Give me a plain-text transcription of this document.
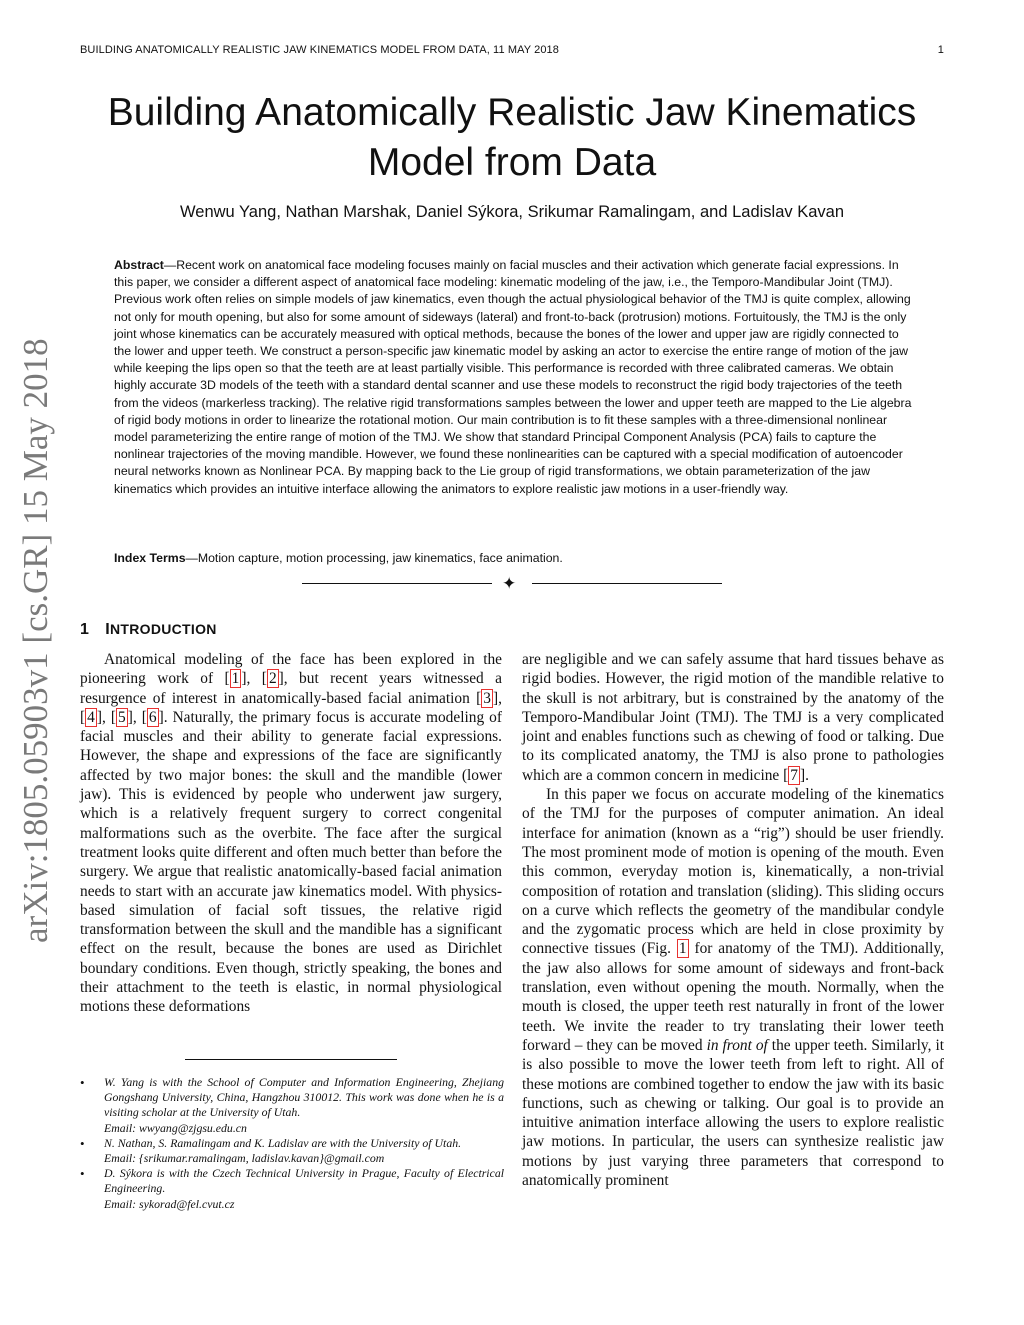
BUILDING ANATOMICALLY REALISTIC JAW KINEMATICS MODEL FROM DATA, 11 MAY 2018	1
arXiv:1805.05903v1 [cs.GR] 15 May 2018
Building Anatomically Realistic Jaw Kinematics
Model from Data
Wenwu Yang, Nathan Marshak, Daniel Sýkora, Srikumar Ramalingam, and Ladislav Kavan
Abstract—Recent work on anatomical face modeling focuses mainly on facial muscles and their activation which generate facial expressions. In this paper, we consider a different aspect of anatomical face modeling: kinematic modeling of the jaw, i.e., the Temporo-Mandibular Joint (TMJ). Previous work often relies on simple models of jaw kinematics, even though the actual physiological behavior of the TMJ is quite complex, allowing not only for mouth opening, but also for some amount of sideways (lateral) and front-to-back (protrusion) motions. Fortuitously, the TMJ is the only joint whose kinematics can be accurately measured with optical methods, because the bones of the lower and upper jaw are rigidly connected to the lower and upper teeth. We construct a person-specific jaw kinematic model by asking an actor to exercise the entire range of motion of the jaw while keeping the lips open so that the teeth are at least partially visible. This performance is recorded with three calibrated cameras. We obtain highly accurate 3D models of the teeth with a standard dental scanner and use these models to reconstruct the rigid body trajectories of the teeth from the videos (markerless tracking). The relative rigid transformations samples between the lower and upper teeth are mapped to the Lie algebra of rigid body motions in order to linearize the rotational motion. Our main contribution is to fit these samples with a three-dimensional nonlinear model parameterizing the entire range of motion of the TMJ. We show that standard Principal Component Analysis (PCA) fails to capture the nonlinear trajectories of the moving mandible. However, we found these nonlinearities can be captured with a special modification of autoencoder neural networks known as Nonlinear PCA. By mapping back to the Lie group of rigid transformations, we obtain parameterization of the jaw kinematics which provides an intuitive interface allowing the animators to explore realistic jaw motions in a user-friendly way.
Index Terms—Motion capture, motion processing, jaw kinematics, face animation.
✦
1 INTRODUCTION

Anatomical modeling of the face has been explored in the pioneering work of [ 1 ], [ 2 ], but recent years witnessed a resurgence of interest in anatomically-based facial animation [ 3 ], [ 4 ], [ 5 ], [ 6 ]. Naturally, the primary focus is accurate modeling of facial muscles and their ability to generate facial expressions. However, the shape and expressions of the face are significantly affected by two major bones: the skull and the mandible (lower jaw). This is evidenced by people who underwent jaw surgery, which is a relatively frequent surgery to correct congenital malformations such as the overbite. The face after the surgical treatment looks quite different and often much better than before the surgery. We argue that realistic anatomically-based facial animation needs to start with an accurate jaw kinematics model. With physics-based simulation of facial soft tissues, the relative rigid transformation between the skull and the mandible has a significant effect on the result, because the bones are used as Dirichlet boundary conditions. Even though, strictly speaking, the bones and their attachment to the teeth is elastic, in normal physiological motions these deformations

are negligible and we can safely assume that hard tissues behave as rigid bodies. However, the rigid motion of the mandible relative to the skull is not arbitrary, but is constrained by the anatomy of the Temporo-Mandibular Joint (TMJ). The TMJ is a very complicated joint and enables functions such as chewing of food or talking. Due to its complicated anatomy, the TMJ is also prone to pathologies which are a common concern in medicine [ 7 ].

In this paper we focus on accurate modeling of the kinematics of the TMJ for the purposes of computer animation. An ideal interface for animation (known as a “rig”) should be user friendly. The most prominent mode of motion is opening of the mouth. Even this common, everyday motion is, kinematically, a non-trivial composition of rotation and translation (sliding). This sliding occurs on a curve which reflects the geometry of the mandibular condyle and the zygomatic process which are held in close proximity by connective tissues (Fig. 1 for anatomy of the TMJ). Additionally, the jaw also allows for some amount of sideways and front-back translation, even without opening the mouth. Normally, when the mouth is closed, the upper teeth rest naturally in front of the lower teeth. We invite the reader to try translating their lower teeth forward – they can be moved in front of the upper teeth. Similarly, it is also possible to move the lower teeth from left to right. All of these motions are combined together to endow the jaw with its basic functions, such as chewing or talking. Our goal is to provide an intuitive animation interface allowing the users to explore realistic jaw motions. In particular, the users can synthesize realistic jaw motions by just varying three parameters that correspond to anatomically prominent

• W. Yang is with the School of Computer and Information Engineering, Zhejiang Gongshang University, China, Hangzhou 310012. This work was done when he is a visiting scholar at the University of Utah.
Email: wwyang@zjgsu.edu.cn
• N. Nathan, S. Ramalingam and K. Ladislav are with the University of Utah.
Email: {srikumar.ramalingam, ladislav.kavan}@gmail.com
• D. Sýkora is with the Czech Technical University in Prague, Faculty of Electrical Engineering.
Email: sykorad@fel.cvut.cz
